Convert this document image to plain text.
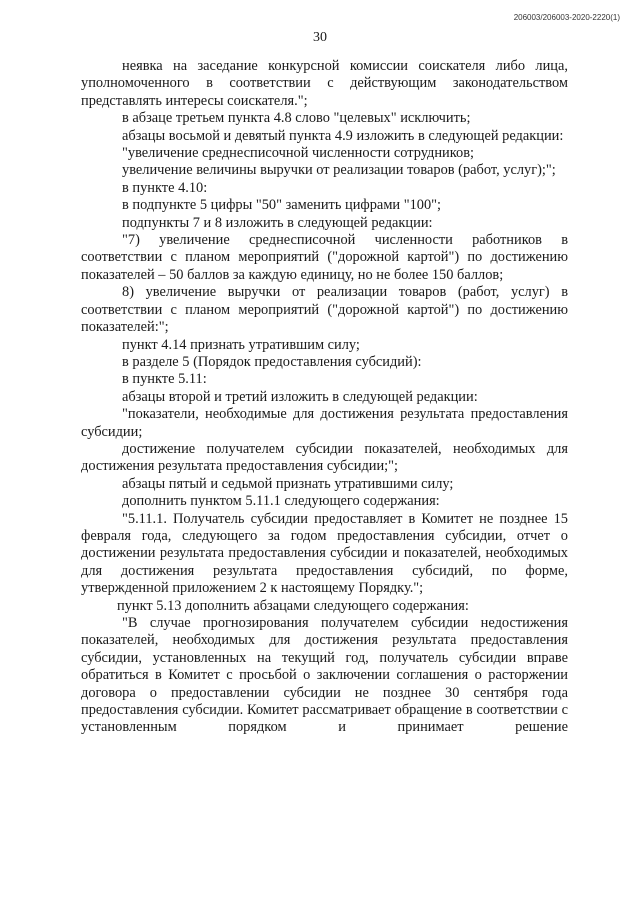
206003/206003-2020-2220(1)
30

неявка на заседание конкурсной комиссии соискателя либо лица, уполномоченного в соответствии с действующим законодательством представлять интересы соискателя.";

в абзаце третьем пункта 4.8 слово "целевых" исключить;

абзацы восьмой и девятый пункта 4.9 изложить в следующей редакции:

"увеличение среднесписочной численности сотрудников;

увеличение величины выручки от реализации товаров (работ, услуг);";

в пункте 4.10:

в подпункте 5 цифры "50" заменить цифрами "100";

подпункты 7 и 8 изложить в следующей редакции:

"7) увеличение среднесписочной численности работников в соответствии с планом мероприятий ("дорожной картой") по достижению показателей – 50 баллов за каждую единицу, но не более 150 баллов;

8) увеличение выручки от реализации товаров (работ, услуг) в соответствии с планом мероприятий ("дорожной картой") по достижению показателей:";

пункт 4.14 признать утратившим силу;

в разделе 5 (Порядок предоставления субсидий):

в пункте 5.11:

абзацы второй и третий изложить в следующей редакции:

"показатели, необходимые для достижения результата предоставления субсидии;

достижение получателем субсидии показателей, необходимых для достижения результата предоставления субсидии;";

абзацы пятый и седьмой признать утратившими силу;

дополнить пунктом 5.11.1 следующего содержания:

"5.11.1. Получатель субсидии предоставляет в Комитет не позднее 15 февраля года, следующего за годом предоставления субсидии, отчет о достижении результата предоставления субсидии и показателей, необходимых для достижения результата предоставления субсидий, по форме, утвержденной приложением 2 к настоящему Порядку.";

пункт 5.13 дополнить абзацами следующего содержания:

"В случае прогнозирования получателем субсидии недостижения показателей, необходимых для достижения результата предоставления субсидии, установленных на текущий год, получатель субсидии вправе обратиться в Комитет с просьбой о заключении соглашения о расторжении договора о предоставлении субсидии не позднее 30 сентября года предоставления субсидии. Комитет рассматривает обращение в соответствии с установленным порядком и принимает решение
